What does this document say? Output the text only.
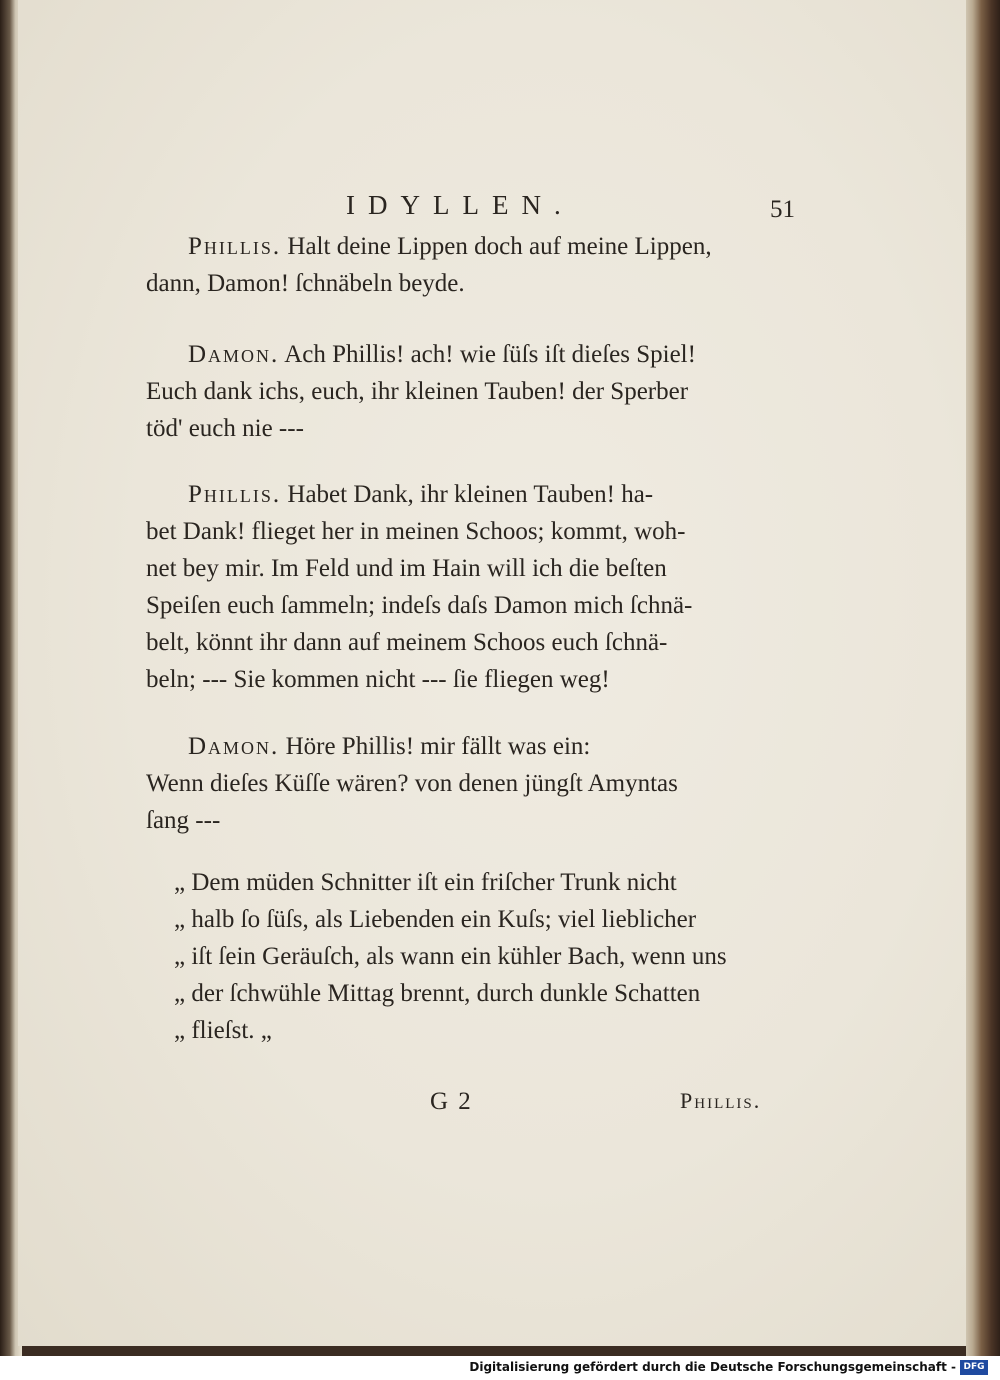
IDYLLEN.	51
Phillis. Halt deine Lippen doch auf meine Lippen,
dann, Damon! ſchnäbeln beyde.
Damon. Ach Phillis! ach! wie ſüſs iſt dieſes Spiel!
Euch dank ichs, euch, ihr kleinen Tauben! der Sperber
töd' euch nie ---
Phillis. Habet Dank, ihr kleinen Tauben! ha-
bet Dank! flieget her in meinen Schoos; kommt, woh-
net bey mir. Im Feld und im Hain will ich die beſten
Speiſen euch ſammeln; indeſs daſs Damon mich ſchnä-
belt, könnt ihr dann auf meinem Schoos euch ſchnä-
beln; --- Sie kommen nicht --- ſie fliegen weg!
Damon. Höre Phillis! mir fällt was ein:
Wenn dieſes Küſſe wären? von denen jüngſt Amyntas
ſang ---
„ Dem müden Schnitter iſt ein friſcher Trunk nicht
„ halb ſo ſüſs, als Liebenden ein Kuſs; viel lieblicher
„ iſt ſein Geräuſch, als wann ein kühler Bach, wenn uns
„ der ſchwühle Mittag brennt, durch dunkle Schatten
„ flieſst. „
G 2	Phillis.
Digitalisierung gefördert durch die Deutsche Forschungsgemeinschaft - DFG
